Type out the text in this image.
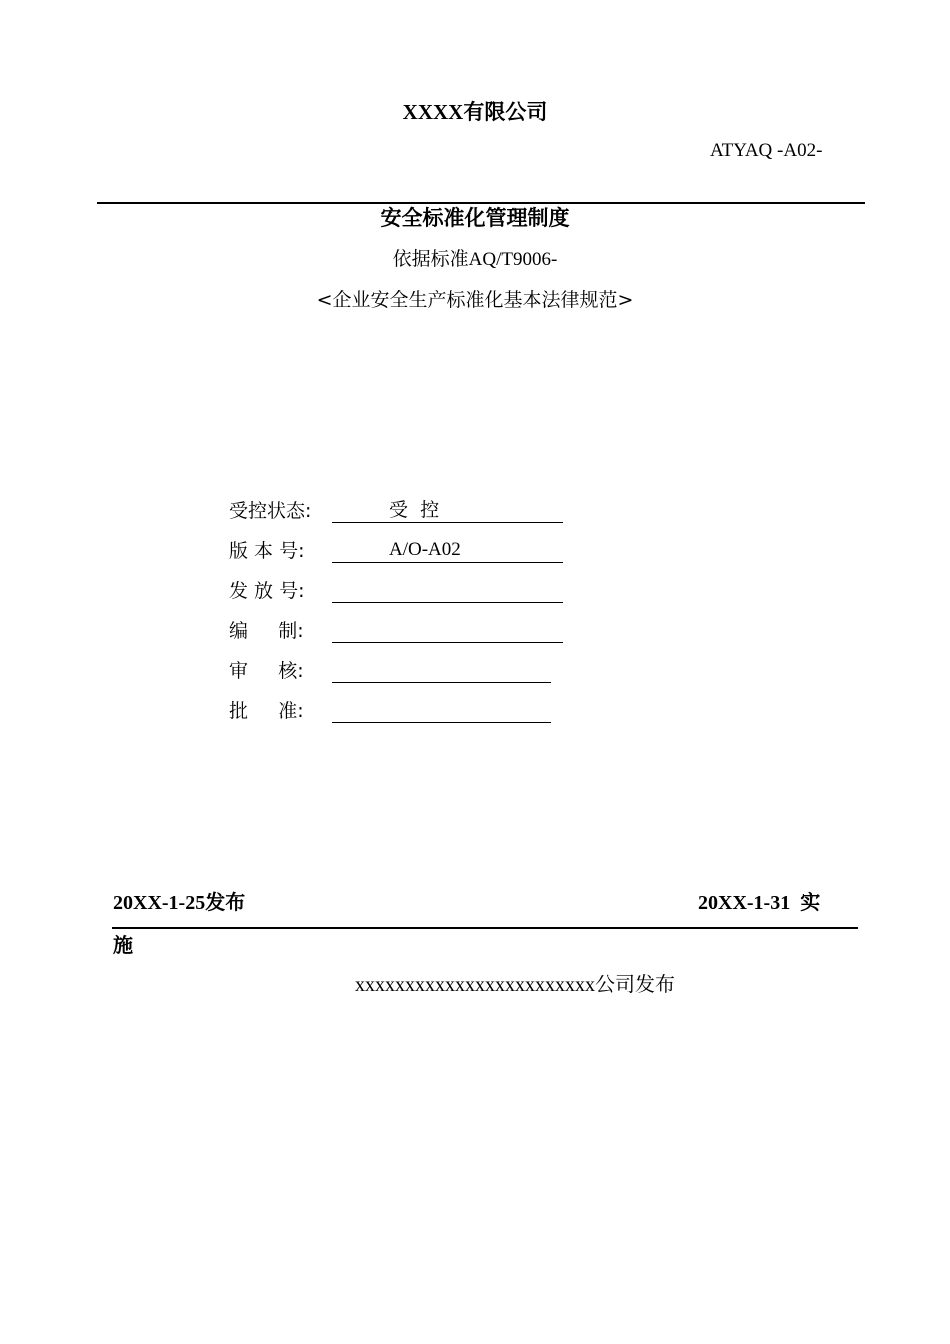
XXXX有限公司
ATYAQ -A02-
安全标准化管理制度
依据标准AQ/T9006-
<企业安全生产标准化基本法律规范>
受控状态:	受  控
版 本 号:	A/O-A02
发 放 号:
编     制:
审     核:
批     准:
20XX-1-25发布	20XX-1-31 实
施
xxxxxxxxxxxxxxxxxxxxxxxx公司发布
